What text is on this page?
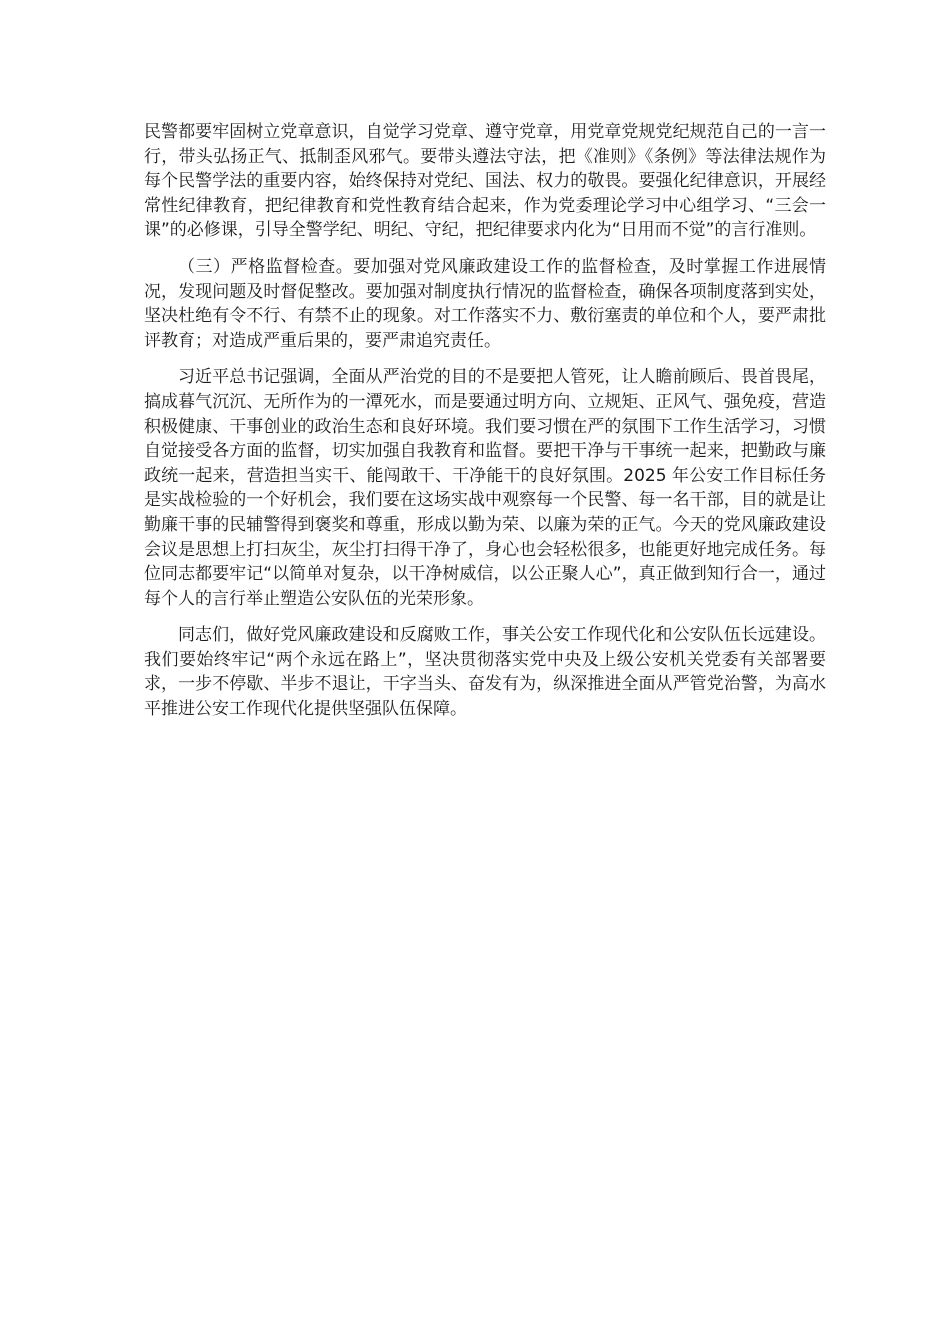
民警都要牢固树立党章意识，自觉学习党章、遵守党章，用党章党规党纪规范自己的一言一行，带头弘扬正气、抵制歪风邪气。要带头遵法守法，把《准则》《条例》等法律法规作为每个民警学法的重要内容，始终保持对党纪、国法、权力的敬畏。要强化纪律意识，开展经常性纪律教育，把纪律教育和党性教育结合起来，作为党委理论学习中心组学习、“三会一课”的必修课，引导全警学纪、明纪、守纪，把纪律要求内化为“日用而不觉”的言行准则。

（三）严格监督检查。要加强对党风廉政建设工作的监督检查，及时掌握工作进展情况，发现问题及时督促整改。要加强对制度执行情况的监督检查，确保各项制度落到实处，坚决杜绝有令不行、有禁不止的现象。对工作落实不力、敷衍塞责的单位和个人，要严肃批评教育；对造成严重后果的，要严肃追究责任。

习近平总书记强调，全面从严治党的目的不是要把人管死，让人瞻前顾后、畏首畏尾，搞成暮气沉沉、无所作为的一潭死水，而是要通过明方向、立规矩、正风气、强免疫，营造积极健康、干事创业的政治生态和良好环境。我们要习惯在严的氛围下工作生活学习，习惯自觉接受各方面的监督，切实加强自我教育和监督。要把干净与干事统一起来，把勤政与廉政统一起来，营造担当实干、能闯敢干、干净能干的良好氛围。2025 年公安工作目标任务是实战检验的一个好机会，我们要在这场实战中观察每一个民警、每一名干部，目的就是让勤廉干事的民辅警得到褒奖和尊重，形成以勤为荣、以廉为荣的正气。今天的党风廉政建设会议是思想上打扫灰尘，灰尘打扫得干净了，身心也会轻松很多，也能更好地完成任务。每位同志都要牢记“以简单对复杂，以干净树威信，以公正聚人心”，真正做到知行合一，通过每个人的言行举止塑造公安队伍的光荣形象。

同志们，做好党风廉政建设和反腐败工作，事关公安工作现代化和公安队伍长远建设。我们要始终牢记“两个永远在路上”，坚决贯彻落实党中央及上级公安机关党委有关部署要求，一步不停歇、半步不退让，干字当头、奋发有为，纵深推进全面从严管党治警，为高水平推进公安工作现代化提供坚强队伍保障。
